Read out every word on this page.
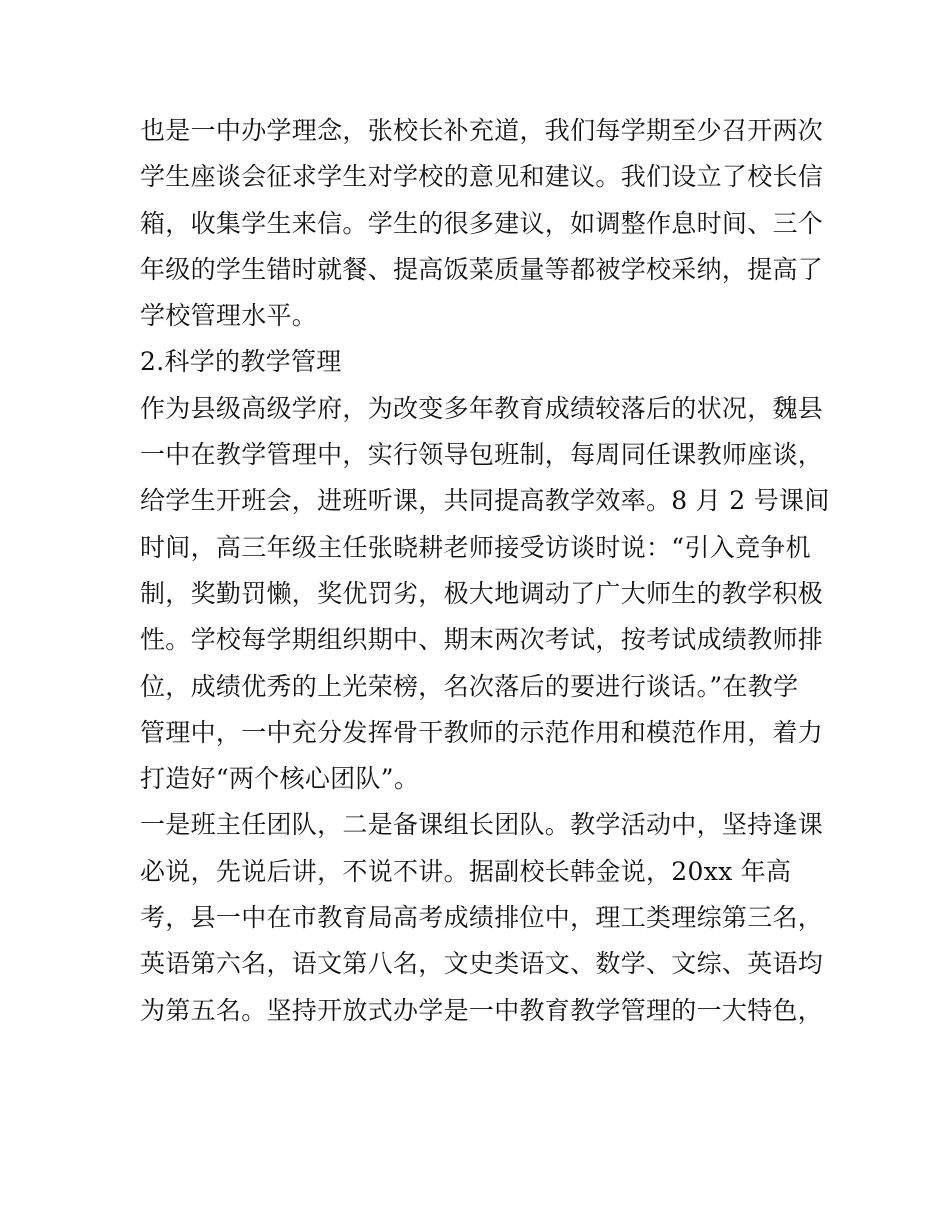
也是一中办学理念，张校长补充道，我们每学期至少召开两次
学生座谈会征求学生对学校的意见和建议。我们设立了校长信
箱，收集学生来信。学生的很多建议，如调整作息时间、三个
年级的学生错时就餐、提高饭菜质量等都被学校采纳，提高了
学校管理水平。
2.科学的教学管理
作为县级高级学府，为改变多年教育成绩较落后的状况，魏县
一中在教学管理中，实行领导包班制，每周同任课教师座谈，
给学生开班会，进班听课，共同提高教学效率。8 月 2 号课间
时间，高三年级主任张晓耕老师接受访谈时说：“引入竞争机
制，奖勤罚懒，奖优罚劣，极大地调动了广大师生的教学积极
性。学校每学期组织期中、期末两次考试，按考试成绩教师排
位，成绩优秀的上光荣榜，名次落后的要进行谈话。”在教学
管理中，一中充分发挥骨干教师的示范作用和模范作用，着力
打造好“两个核心团队”。
一是班主任团队，二是备课组长团队。教学活动中，坚持逢课
必说，先说后讲，不说不讲。据副校长韩金说，20xx 年高
考，县一中在市教育局高考成绩排位中，理工类理综第三名，
英语第六名，语文第八名，文史类语文、数学、文综、英语均
为第五名。坚持开放式办学是一中教育教学管理的一大特色，
